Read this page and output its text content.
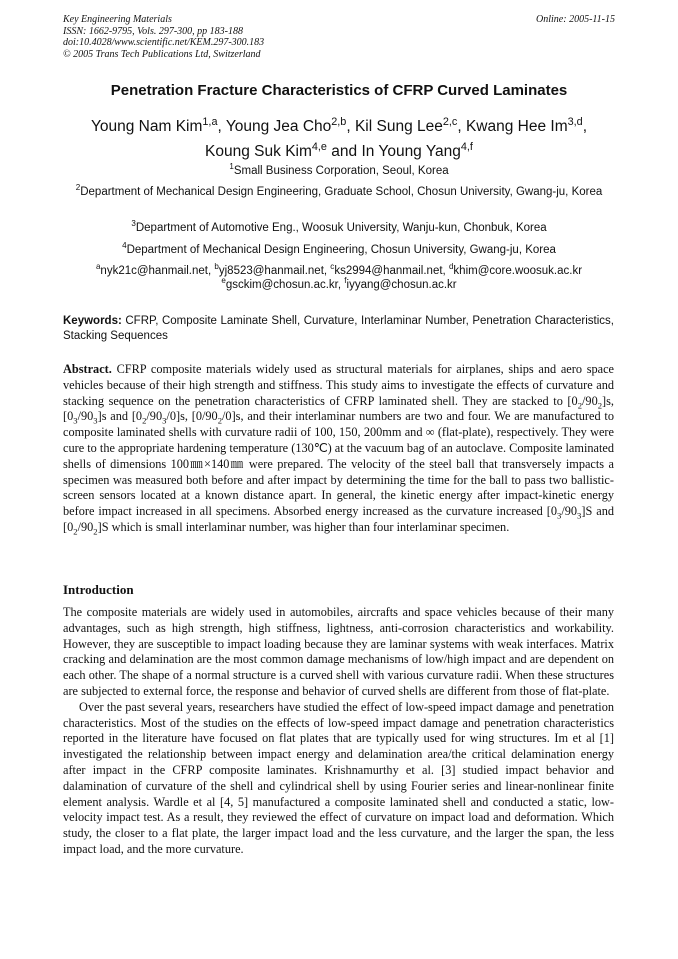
Key Engineering Materials
ISSN: 1662-9795, Vols. 297-300, pp 183-188
doi:10.4028/www.scientific.net/KEM.297-300.183
© 2005 Trans Tech Publications Ltd, Switzerland
Online: 2005-11-15
Penetration Fracture Characteristics of CFRP Curved Laminates
Young Nam Kim$^{1,a}$, Young Jea Cho$^{2,b}$, Kil Sung Lee$^{2,c}$, Kwang Hee Im$^{3,d}$,
Koung Suk Kim$^{4,e}$ and In Young Yang$^{4,f}$
$^1$Small Business Corporation, Seoul, Korea
$^2$Department of Mechanical Design Engineering, Graduate School, Chosun University, Gwang-ju, Korea
$^3$Department of Automotive Eng., Woosuk University, Wanju-kun, Chonbuk, Korea
$^4$Department of Mechanical Design Engineering, Chosun University, Gwang-ju, Korea
$^a$nyk21c@hanmail.net, $^b$yj8523@hanmail.net, $^c$ks2994@hanmail.net, $^d$khim@core.woosuk.ac.kr
$^e$gsckim@chosun.ac.kr, $^f$iyyang@chosun.ac.kr
Keywords: CFRP, Composite Laminate Shell, Curvature, Interlaminar Number, Penetration Characteristics, Stacking Sequences
Abstract. CFRP composite materials widely used as structural materials for airplanes, ships and aero space vehicles because of their high strength and stiffness. This study aims to investigate the effects of curvature and stacking sequence on the penetration characteristics of CFRP laminated shell. They are stacked to $[0_2/90_2]s$, $[0_3/90_3]s$ and $[0_2/90_3/0]s$, $[0/90_2/0]s$, and their interlaminar numbers are two and four. We are manufactured to composite laminated shells with curvature radii of 100, 150, 200mm and ∞ (flat-plate), respectively. They were cure to the appropriate hardening temperature (130℃) at the vacuum bag of an autoclave. Composite laminated shells of dimensions 100㎜×140㎜ were prepared. The velocity of the steel ball that transversely impacts a specimen was measured both before and after impact by determining the time for the ball to pass two ballistic-screen sensors located at a known distance apart. In general, the kinetic energy after impact-kinetic energy before impact increased in all specimens. Absorbed energy increased as the curvature increased $[0_3/90_3]S$ and $[0_2/90_2]S$ which is small interlaminar number, was higher than four interlaminar specimen.
Introduction

The composite materials are widely used in automobiles, aircrafts and space vehicles because of their many advantages, such as high strength, high stiffness, lightness, anti-corrosion characteristics and workability. However, they are susceptible to impact loading because they are laminar systems with weak interfaces. Matrix cracking and delamination are the most common damage mechanisms of low/high impact and are dependent on each other. The shape of a normal structure is a curved shell with various curvature radii. When these structures are subjected to external force, the response and behavior of curved shells are different from those of flat-plate.

Over the past several years, researchers have studied the effect of low-speed impact damage and penetration characteristics. Most of the studies on the effects of low-speed impact damage and penetration characteristics reported in the literature have focused on flat plates that are typically used for wing structures. Im et al [1] investigated the relationship between impact energy and delamination area/the critical delamination energy after impact in the CFRP composite laminates. Krishnamurthy et al. [3] studied impact behavior and dalamination of curvature of the shell and cylindrical shell by using Fourier series and linear-nonlinear finite element analysis. Wardle et al [4, 5] manufactured a composite laminated shell and conducted a static, low-velocity impact test. As a result, they reviewed the effect of curvature on impact load and deformation. Which study, the closer to a flat plate, the larger impact load and the less curvature, and the larger the span, the less impact load, and the more curvature.
